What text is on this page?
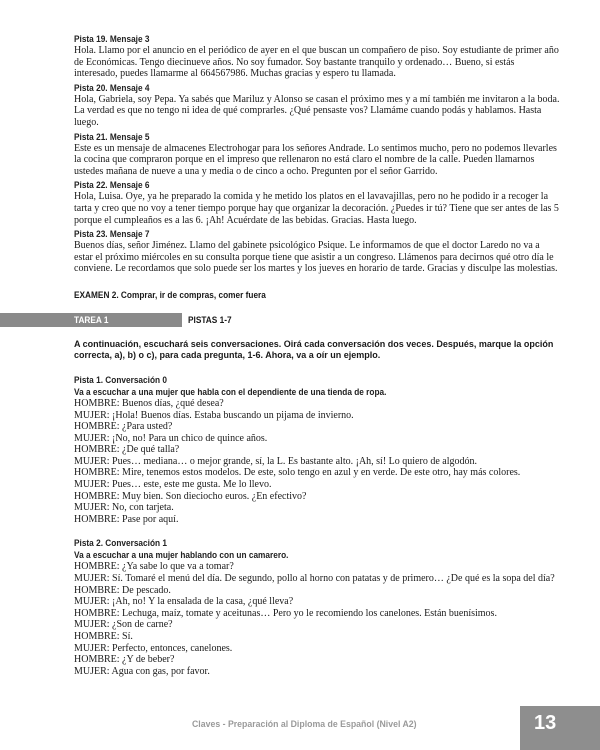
Pista 19. Mensaje 3

Hola. Llamo por el anuncio en el periódico de ayer en el que buscan un compañero de piso. Soy estudiante de primer año de Económicas. Tengo diecinueve años. No soy fumador. Soy bastante tranquilo y ordenado… Bueno, si estás interesado, puedes llamarme al 664567986. Muchas gracias y espero tu llamada.

Pista 20. Mensaje 4

Hola, Gabriela, soy Pepa. Ya sabés que Mariluz y Alonso se casan el próximo mes y a mí también me invitaron a la boda. La verdad es que no tengo ni idea de qué comprarles. ¿Qué pensaste vos? Llamáme cuando podás y hablamos. Hasta luego.

Pista 21. Mensaje 5

Este es un mensaje de almacenes Electrohogar para los señores Andrade. Lo sentimos mucho, pero no podemos llevarles la cocina que compraron porque en el impreso que rellenaron no está claro el nombre de la calle. Pueden llamarnos ustedes mañana de nueve a una y media o de cinco a ocho. Pregunten por el señor Garrido.

Pista 22. Mensaje 6

Hola, Luisa. Oye, ya he preparado la comida y he metido los platos en el lavavajillas, pero no he podido ir a recoger la tarta y creo que no voy a tener tiempo porque hay que organizar la decoración. ¿Puedes ir tú? Tiene que ser antes de las 5 porque el cumpleaños es a las 6. ¡Ah! Acuérdate de las bebidas. Gracias. Hasta luego.

Pista 23. Mensaje 7

Buenos días, señor Jiménez. Llamo del gabinete psicológico Psique. Le informamos de que el doctor Laredo no va a estar el próximo miércoles en su consulta porque tiene que asistir a un congreso. Llámenos para decirnos qué otro día le conviene. Le recordamos que solo puede ser los martes y los jueves en horario de tarde. Gracias y disculpe las molestias.

EXAMEN 2. Comprar, ir de compras, comer fuera
TAREA 1	PISTAS 1-7
A continuación, escuchará seis conversaciones. Oirá cada conversación dos veces. Después, marque la opción correcta, a), b) o c), para cada pregunta, 1-6. Ahora, va a oír un ejemplo.
Pista 1. Conversación 0
Va a escuchar a una mujer que habla con el dependiente de una tienda de ropa.
HOMBRE: Buenos días, ¿qué desea?
MUJER: ¡Hola! Buenos días. Estaba buscando un pijama de invierno.
HOMBRE: ¿Para usted?
MUJER: ¡No, no! Para un chico de quince años.
HOMBRE: ¿De qué talla?
MUJER: Pues… mediana… o mejor grande, sí, la L. Es bastante alto. ¡Ah, sí! Lo quiero de algodón.
HOMBRE: Mire, tenemos estos modelos. De este, solo tengo en azul y en verde. De este otro, hay más colores.
MUJER: Pues… este, este me gusta. Me lo llevo.
HOMBRE: Muy bien. Son dieciocho euros. ¿En efectivo?
MUJER: No, con tarjeta.
HOMBRE: Pase por aquí.
Pista 2. Conversación 1
Va a escuchar a una mujer hablando con un camarero.
HOMBRE: ¿Ya sabe lo que va a tomar?
MUJER: Sí. Tomaré el menú del día. De segundo, pollo al horno con patatas y de primero… ¿De qué es la sopa del día?
HOMBRE: De pescado.
MUJER: ¡Ah, no! Y la ensalada de la casa, ¿qué lleva?
HOMBRE: Lechuga, maíz, tomate y aceitunas… Pero yo le recomiendo los canelones. Están buenísimos.
MUJER: ¿Son de carne?
HOMBRE: Sí.
MUJER: Perfecto, entonces, canelones.
HOMBRE: ¿Y de beber?
MUJER: Agua con gas, por favor.
Claves - Preparación al Diploma de Español (Nivel A2)	13
